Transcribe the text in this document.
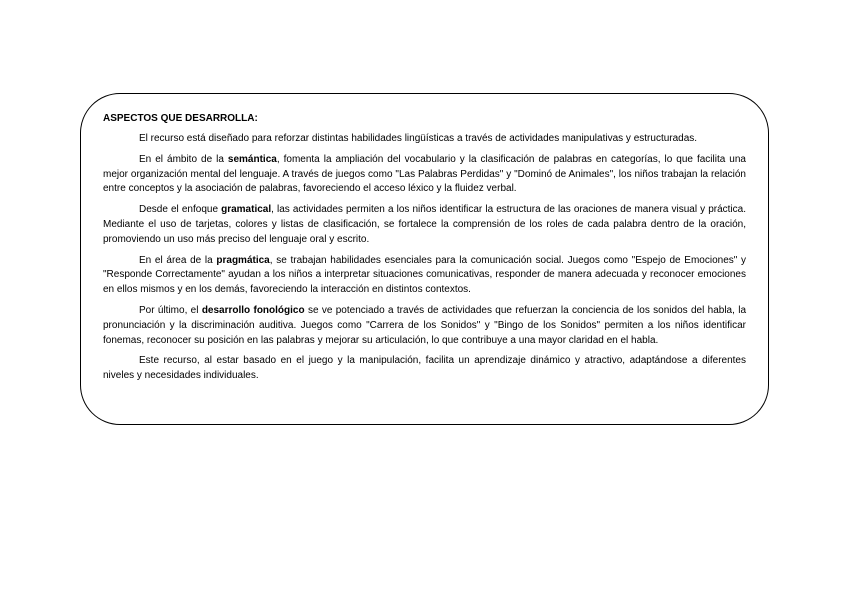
ASPECTOS QUE DESARROLLA:

El recurso está diseñado para reforzar distintas habilidades lingüísticas a través de actividades manipulativas y estructuradas.

En el ámbito de la semántica, fomenta la ampliación del vocabulario y la clasificación de palabras en categorías, lo que facilita una mejor organización mental del lenguaje. A través de juegos como "Las Palabras Perdidas" y "Dominó de Animales", los niños trabajan la relación entre conceptos y la asociación de palabras, favoreciendo el acceso léxico y la fluidez verbal.

Desde el enfoque gramatical, las actividades permiten a los niños identificar la estructura de las oraciones de manera visual y práctica. Mediante el uso de tarjetas, colores y listas de clasificación, se fortalece la comprensión de los roles de cada palabra dentro de la oración, promoviendo un uso más preciso del lenguaje oral y escrito.

En el área de la pragmática, se trabajan habilidades esenciales para la comunicación social. Juegos como "Espejo de Emociones" y "Responde Correctamente" ayudan a los niños a interpretar situaciones comunicativas, responder de manera adecuada y reconocer emociones en ellos mismos y en los demás, favoreciendo la interacción en distintos contextos.

Por último, el desarrollo fonológico se ve potenciado a través de actividades que refuerzan la conciencia de los sonidos del habla, la pronunciación y la discriminación auditiva. Juegos como "Carrera de los Sonidos" y "Bingo de los Sonidos" permiten a los niños identificar fonemas, reconocer su posición en las palabras y mejorar su articulación, lo que contribuye a una mayor claridad en el habla.

Este recurso, al estar basado en el juego y la manipulación, facilita un aprendizaje dinámico y atractivo, adaptándose a diferentes niveles y necesidades individuales.
